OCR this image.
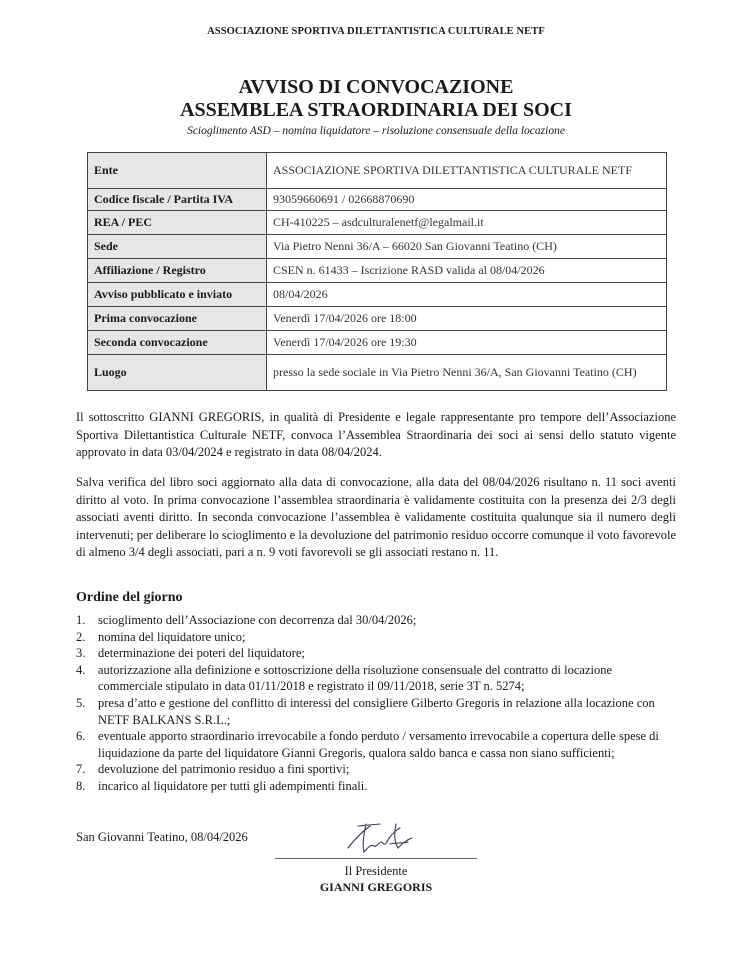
ASSOCIAZIONE SPORTIVA DILETTANTISTICA CULTURALE NETF
AVVISO DI CONVOCAZIONE
ASSEMBLEA STRAORDINARIA DEI SOCI
Scioglimento ASD – nomina liquidatore – risoluzione consensuale della locazione
Ente	ASSOCIAZIONE SPORTIVA DILETTANTISTICA CULTURALE NETF
Codice fiscale / Partita IVA	93059660691 / 02668870690
REA / PEC	CH-410225 – asdculturalenetf@legalmail.it
Sede	Via Pietro Nenni 36/A – 66020 San Giovanni Teatino (CH)
Affiliazione / Registro	CSEN n. 61433 – Iscrizione RASD valida al 08/04/2026
Avviso pubblicato e inviato	08/04/2026
Prima convocazione	Venerdì 17/04/2026 ore 18:00
Seconda convocazione	Venerdì 17/04/2026 ore 19:30
Luogo	presso la sede sociale in Via Pietro Nenni 36/A, San Giovanni Teatino (CH)

Il sottoscritto GIANNI GREGORIS, in qualità di Presidente e legale rappresentante pro tempore dell’Associazione Sportiva Dilettantistica Culturale NETF, convoca l’Assemblea Straordinaria dei soci ai sensi dello statuto vigente approvato in data 03/04/2024 e registrato in data 08/04/2024.

Salva verifica del libro soci aggiornato alla data di convocazione, alla data del 08/04/2026 risultano n. 11 soci aventi diritto al voto. In prima convocazione l’assemblea straordinaria è validamente costituita con la presenza dei 2/3 degli associati aventi diritto. In seconda convocazione l’assemblea è validamente costituita qualunque sia il numero degli intervenuti; per deliberare lo scioglimento e la devoluzione del patrimonio residuo occorre comunque il voto favorevole di almeno 3/4 degli associati, pari a n. 9 voti favorevoli se gli associati restano n. 11.

Ordine del giorno
1. scioglimento dell’Associazione con decorrenza dal 30/04/2026;
2. nomina del liquidatore unico;
3. determinazione dei poteri del liquidatore;
4. autorizzazione alla definizione e sottoscrizione della risoluzione consensuale del contratto di locazione commerciale stipulato in data 01/11/2018 e registrato il 09/11/2018, serie 3T n. 5274;
5. presa d’atto e gestione del conflitto di interessi del consigliere Gilberto Gregoris in relazione alla locazione con NETF BALKANS S.R.L.;
6. eventuale apporto straordinario irrevocabile a fondo perduto / versamento irrevocabile a copertura delle spese di liquidazione da parte del liquidatore Gianni Gregoris, qualora saldo banca e cassa non siano sufficienti;
7. devoluzione del patrimonio residuo a fini sportivi;
8. incarico al liquidatore per tutti gli adempimenti finali.
San Giovanni Teatino, 08/04/2026
Il Presidente
GIANNI GREGORIS
